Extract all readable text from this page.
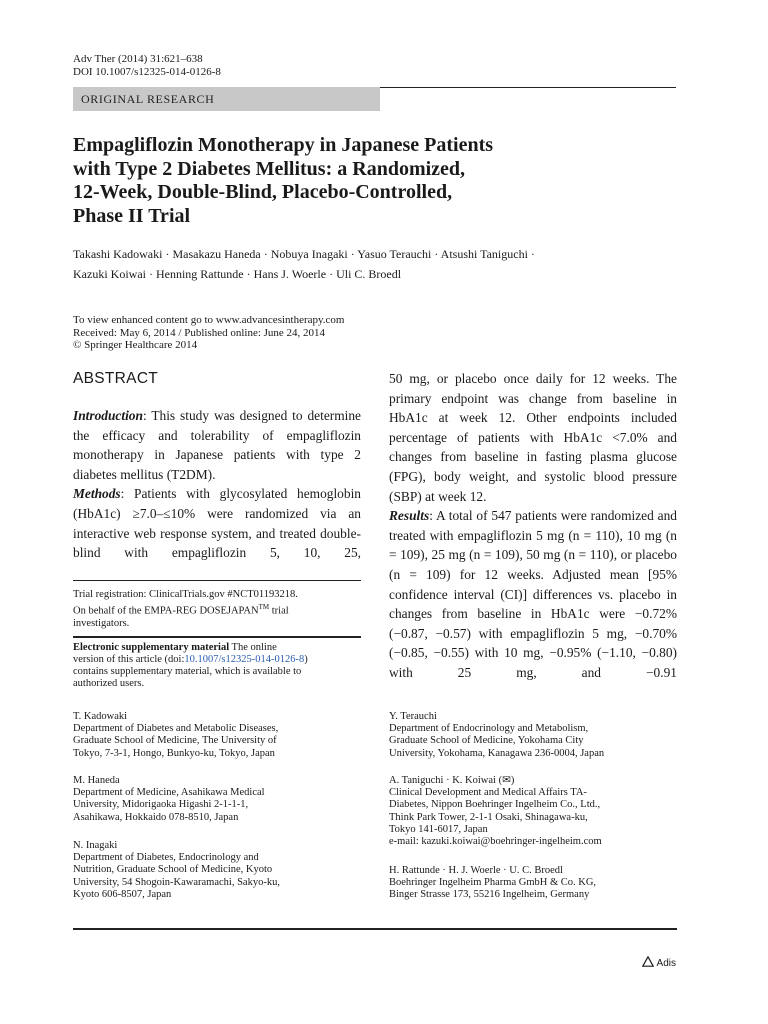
Adv Ther (2014) 31:621–638
DOI 10.1007/s12325-014-0126-8
ORIGINAL RESEARCH
Empagliflozin Monotherapy in Japanese Patients
with Type 2 Diabetes Mellitus: a Randomized,
12-Week, Double-Blind, Placebo-Controlled,
Phase II Trial
Takashi Kadowaki · Masakazu Haneda · Nobuya Inagaki · Yasuo Terauchi · Atsushi Taniguchi ·
Kazuki Koiwai · Henning Rattunde · Hans J. Woerle · Uli C. Broedl
To view enhanced content go to www.advancesintherapy.com
Received: May 6, 2014 / Published online: June 24, 2014
© Springer Healthcare 2014
ABSTRACT

Introduction: This study was designed to determine the efficacy and tolerability of empagliflozin monotherapy in Japanese patients with type 2 diabetes mellitus (T2DM).

Methods: Patients with glycosylated hemoglobin (HbA1c) ≥7.0–≤10% were randomized via an interactive web response system, and treated double-blind with empagliflozin 5, 10, 25,

50 mg, or placebo once daily for 12 weeks. The primary endpoint was change from baseline in HbA1c at week 12. Other endpoints included percentage of patients with HbA1c <7.0% and changes from baseline in fasting plasma glucose (FPG), body weight, and systolic blood pressure (SBP) at week 12.

Results: A total of 547 patients were randomized and treated with empagliflozin 5 mg (n = 110), 10 mg (n = 109), 25 mg (n = 109), 50 mg (n = 110), or placebo (n = 109) for 12 weeks. Adjusted mean [95% confidence interval (CI)] differences vs. placebo in changes from baseline in HbA1c were −0.72% (−0.87, −0.57) with empagliflozin 5 mg, −0.70% (−0.85, −0.55) with 10 mg, −0.95% (−1.10, −0.80) with 25 mg, and −0.91

Trial registration: ClinicalTrials.gov #NCT01193218.
On behalf of the EMPA-REG DOSEJAPAN™ trial
investigators.
Electronic supplementary material The online
version of this article (doi:10.1007/s12325-014-0126-8)
contains supplementary material, which is available to
authorized users.
T. Kadowaki
Department of Diabetes and Metabolic Diseases,
Graduate School of Medicine, The University of
Tokyo, 7-3-1, Hongo, Bunkyo-ku, Tokyo, Japan
M. Haneda
Department of Medicine, Asahikawa Medical
University, Midorigaoka Higashi 2-1-1-1,
Asahikawa, Hokkaido 078-8510, Japan
N. Inagaki
Department of Diabetes, Endocrinology and
Nutrition, Graduate School of Medicine, Kyoto
University, 54 Shogoin-Kawaramachi, Sakyo-ku,
Kyoto 606-8507, Japan
Y. Terauchi
Department of Endocrinology and Metabolism,
Graduate School of Medicine, Yokohama City
University, Yokohama, Kanagawa 236-0004, Japan
A. Taniguchi · K. Koiwai (✉)
Clinical Development and Medical Affairs TA-
Diabetes, Nippon Boehringer Ingelheim Co., Ltd.,
Think Park Tower, 2-1-1 Osaki, Shinagawa-ku,
Tokyo 141-6017, Japan
e-mail: kazuki.koiwai@boehringer-ingelheim.com
H. Rattunde · H. J. Woerle · U. C. Broedl
Boehringer Ingelheim Pharma GmbH & Co. KG,
Binger Strasse 173, 55216 Ingelheim, Germany
Adis
